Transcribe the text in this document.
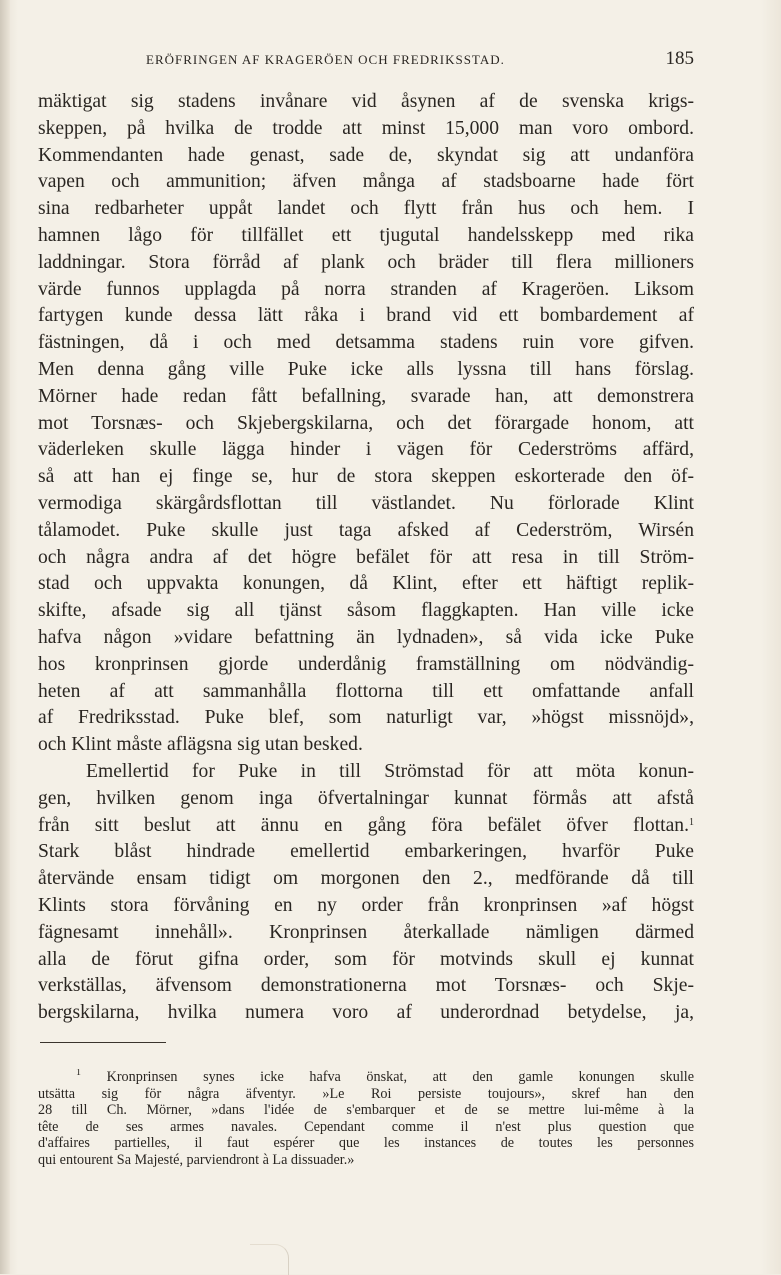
ERÖFRINGEN AF KRAGERÖEN OCH FREDRIKSSTAD.	185
mäktigat sig stadens invånare vid åsynen af de svenska krigs-
skeppen, på hvilka de trodde att minst 15,000 man voro ombord.
Kommendanten hade genast, sade de, skyndat sig att undanföra
vapen och ammunition; äfven många af stadsboarne hade fört
sina redbarheter uppåt landet och flytt från hus och hem. I
hamnen lågo för tillfället ett tjugutal handelsskepp med rika
laddningar. Stora förråd af plank och bräder till flera millioners
värde funnos upplagda på norra stranden af Krageröen. Liksom
fartygen kunde dessa lätt råka i brand vid ett bombardement af
fästningen, då i och med detsamma stadens ruin vore gifven.
Men denna gång ville Puke icke alls lyssna till hans förslag.
Mörner hade redan fått befallning, svarade han, att demonstrera
mot Torsnæs- och Skjebergskilarna, och det förargade honom, att
väderleken skulle lägga hinder i vägen för Cederströms affärd,
så att han ej finge se, hur de stora skeppen eskorterade den öf-
vermodiga skärgårdsflottan till västlandet. Nu förlorade Klint
tålamodet. Puke skulle just taga afsked af Cederström, Wirsén
och några andra af det högre befälet för att resa in till Ström-
stad och uppvakta konungen, då Klint, efter ett häftigt replik-
skifte, afsade sig all tjänst såsom flaggkapten. Han ville icke
hafva någon »vidare befattning än lydnaden», så vida icke Puke
hos kronprinsen gjorde underdånig framställning om nödvändig-
heten af att sammanhålla flottorna till ett omfattande anfall
af Fredriksstad. Puke blef, som naturligt var, »högst missnöjd»,
och Klint måste aflägsna sig utan besked.
Emellertid for Puke in till Strömstad för att möta konun-
gen, hvilken genom inga öfvertalningar kunnat förmås att afstå
från sitt beslut att ännu en gång föra befälet öfver flottan.$^1$
Stark blåst hindrade emellertid embarkeringen, hvarför Puke
återvände ensam tidigt om morgonen den 2., medförande då till
Klints stora förvåning en ny order från kronprinsen »af högst
fägnesamt innehåll». Kronprinsen återkallade nämligen därmed
alla de förut gifna order, som för motvinds skull ej kunnat
verkställas, äfvensom demonstrationerna mot Torsnæs- och Skje-
bergskilarna, hvilka numera voro af underordnad betydelse, ja,
$^1$ Kronprinsen synes icke hafva önskat, att den gamle konungen skulle
utsätta sig för några äfventyr. »Le Roi persiste toujours», skref han den
28 till Ch. Mörner, »dans l'idée de s'embarquer et de se mettre lui-même à la
tête de ses armes navales. Cependant comme il n'est plus question que
d'affaires partielles, il faut espérer que les instances de toutes les personnes
qui entourent Sa Majesté, parviendront à La dissuader.»
